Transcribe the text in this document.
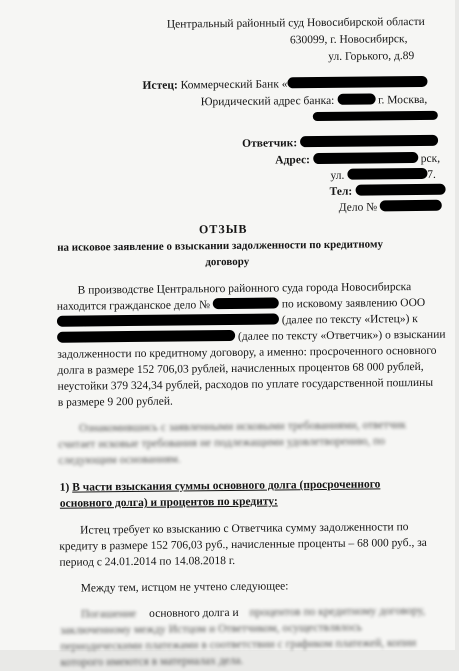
Центральный районный суд Новосибирской области
630099, г. Новосибирск,
ул. Горького, д.89
Истец: Коммерческий Банк «
Юридический адрес банка:	г. Москва,
Ответчик:
Адрес:	рск,
ул.	7.
Тел:
Дело №
ОТЗЫВ
на исковое заявление о взыскании задолженности по кредитному
договору
В производстве Центрального районного суда города Новосибирска
находится гражданское дело №	по исковому заявлению ООО
(далее по тексту «Истец») к
(далее по тексту «Ответчик») о взыскании
задолженности по кредитному договору, а именно: просроченного основного
долга в размере 152 706,03 рублей, начисленных процентов 68 000 рублей,
неустойки 379 324,34 рублей, расходов по уплате государственной пошлины
в размере 9 200 рублей.
Ознакомившись с заявленными исковыми требованиями, ответчик
считает исковые требования не подлежащими удовлетворению, по
следующим основаниям.
1) В части взыскания суммы основного долга (просроченного
основного долга) и процентов по кредиту:
Истец требует ко взысканию с Ответчика сумму задолженности по
кредиту в размере 152 706,03 руб., начисленные проценты – 68 000 руб., за
период с 24.01.2014 по 14.08.2018 г.
Между тем, истцом не учтено следующее:
Погашение основного долга и процентов по кредитному договору,
заключенному между Истцом и Ответчиком, осуществлялось
периодическими платежами в соответствии с графиком платежей, копии
которого имеются в материалах дела.
